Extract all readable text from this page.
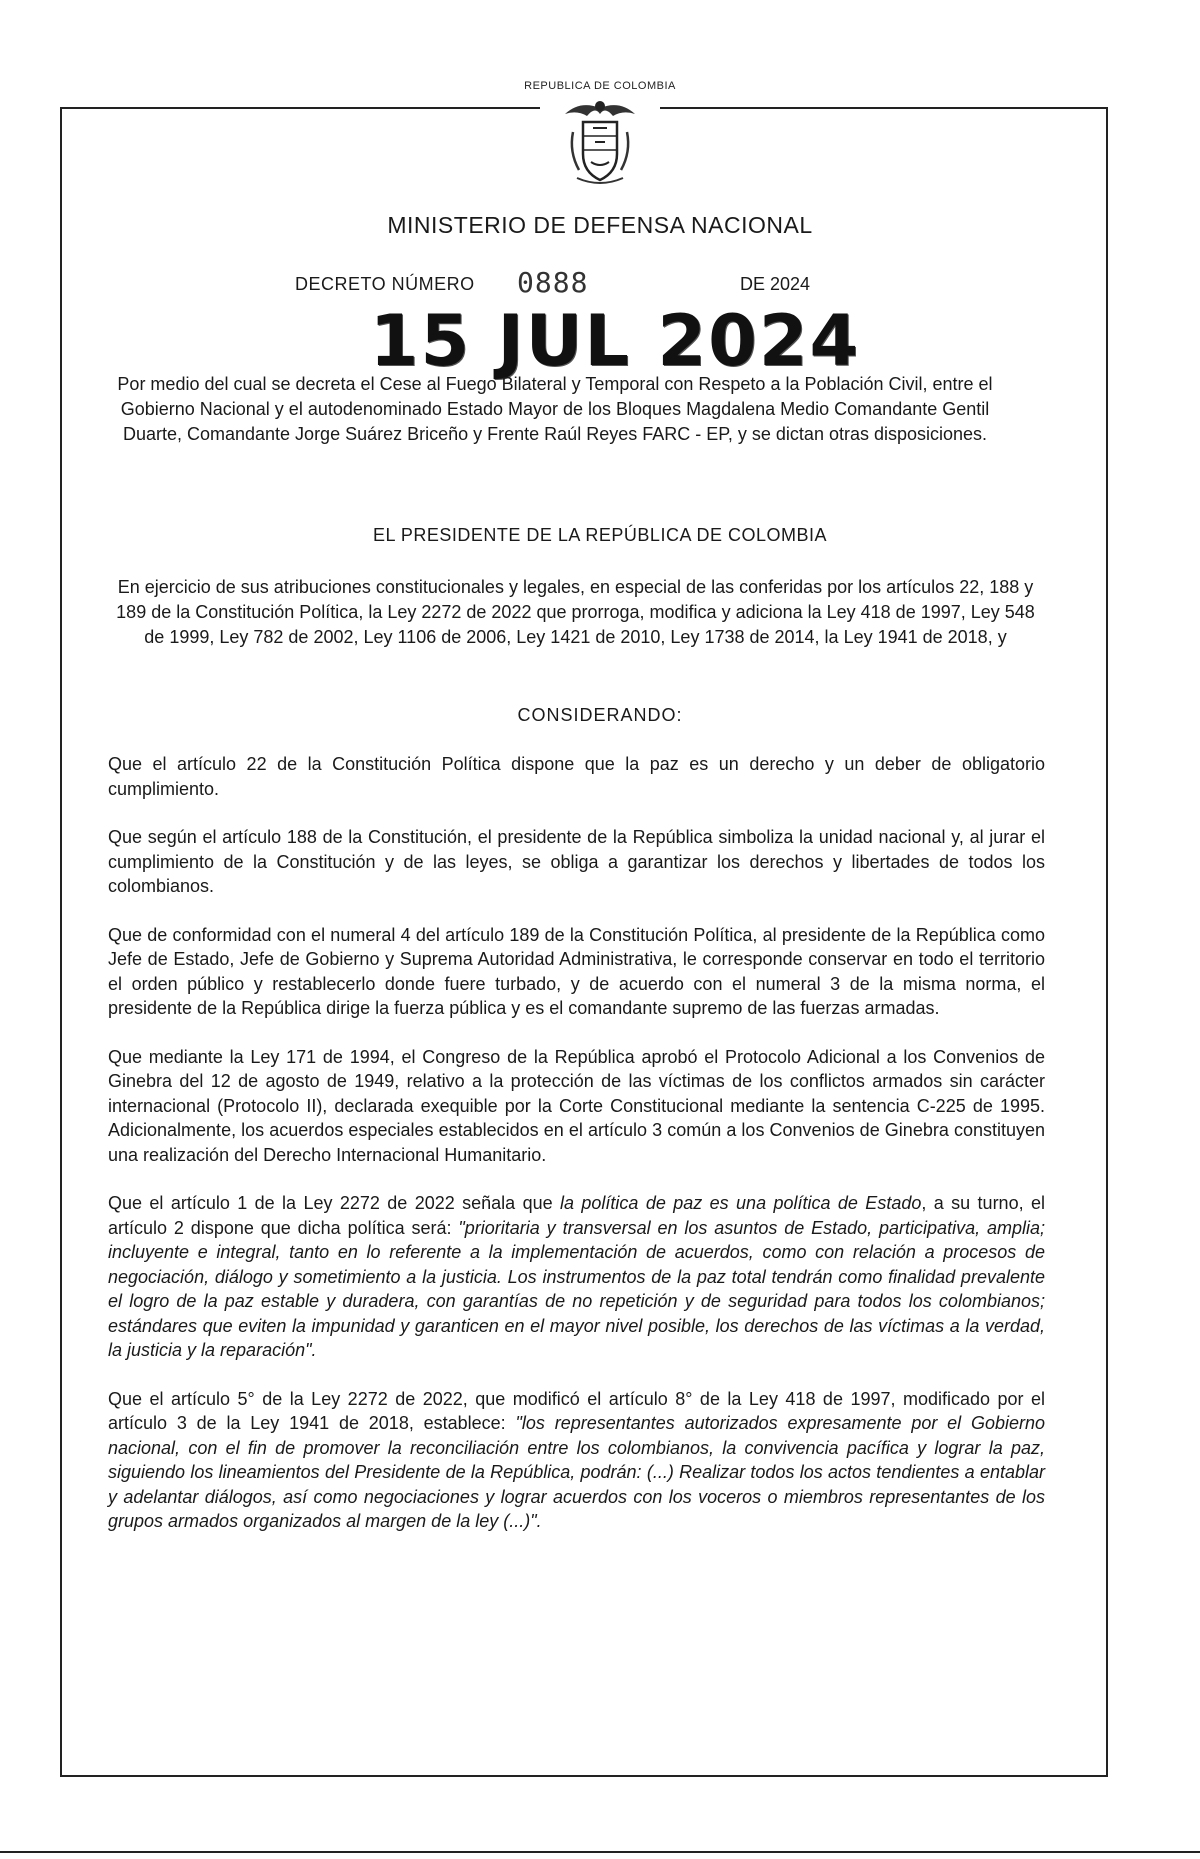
REPUBLICA DE COLOMBIA
MINISTERIO DE DEFENSA NACIONAL
DECRETO NÚMERO 0888	DE 2024
15 JUL 2024
Por medio del cual se decreta el Cese al Fuego Bilateral y Temporal con Respeto a la Población Civil, entre el Gobierno Nacional y el autodenominado Estado Mayor de los Bloques Magdalena Medio Comandante Gentil Duarte, Comandante Jorge Suárez Briceño y Frente Raúl Reyes FARC - EP, y se dictan otras disposiciones.
EL PRESIDENTE DE LA REPÚBLICA DE COLOMBIA
En ejercicio de sus atribuciones constitucionales y legales, en especial de las conferidas por los artículos 22, 188 y 189 de la Constitución Política, la Ley 2272 de 2022 que prorroga, modifica y adiciona la Ley 418 de 1997, Ley 548 de 1999, Ley 782 de 2002, Ley 1106 de 2006, Ley 1421 de 2010, Ley 1738 de 2014, la Ley 1941 de 2018, y
CONSIDERANDO:

Que el artículo 22 de la Constitución Política dispone que la paz es un derecho y un deber de obligatorio cumplimiento.

Que según el artículo 188 de la Constitución, el presidente de la República simboliza la unidad nacional y, al jurar el cumplimiento de la Constitución y de las leyes, se obliga a garantizar los derechos y libertades de todos los colombianos.

Que de conformidad con el numeral 4 del artículo 189 de la Constitución Política, al presidente de la República como Jefe de Estado, Jefe de Gobierno y Suprema Autoridad Administrativa, le corresponde conservar en todo el territorio el orden público y restablecerlo donde fuere turbado, y de acuerdo con el numeral 3 de la misma norma, el presidente de la República dirige la fuerza pública y es el comandante supremo de las fuerzas armadas.

Que mediante la Ley 171 de 1994, el Congreso de la República aprobó el Protocolo Adicional a los Convenios de Ginebra del 12 de agosto de 1949, relativo a la protección de las víctimas de los conflictos armados sin carácter internacional (Protocolo II), declarada exequible por la Corte Constitucional mediante la sentencia C-225 de 1995. Adicionalmente, los acuerdos especiales establecidos en el artículo 3 común a los Convenios de Ginebra constituyen una realización del Derecho Internacional Humanitario.

Que el artículo 1 de la Ley 2272 de 2022 señala que la política de paz es una política de Estado, a su turno, el artículo 2 dispone que dicha política será: "prioritaria y transversal en los asuntos de Estado, participativa, amplia; incluyente e integral, tanto en lo referente a la implementación de acuerdos, como con relación a procesos de negociación, diálogo y sometimiento a la justicia. Los instrumentos de la paz total tendrán como finalidad prevalente el logro de la paz estable y duradera, con garantías de no repetición y de seguridad para todos los colombianos; estándares que eviten la impunidad y garanticen en el mayor nivel posible, los derechos de las víctimas a la verdad, la justicia y la reparación".

Que el artículo 5° de la Ley 2272 de 2022, que modificó el artículo 8° de la Ley 418 de 1997, modificado por el artículo 3 de la Ley 1941 de 2018, establece: "los representantes autorizados expresamente por el Gobierno nacional, con el fin de promover la reconciliación entre los colombianos, la convivencia pacífica y lograr la paz, siguiendo los lineamientos del Presidente de la República, podrán: (...) Realizar todos los actos tendientes a entablar y adelantar diálogos, así como negociaciones y lograr acuerdos con los voceros o miembros representantes de los grupos armados organizados al margen de la ley (...)".
